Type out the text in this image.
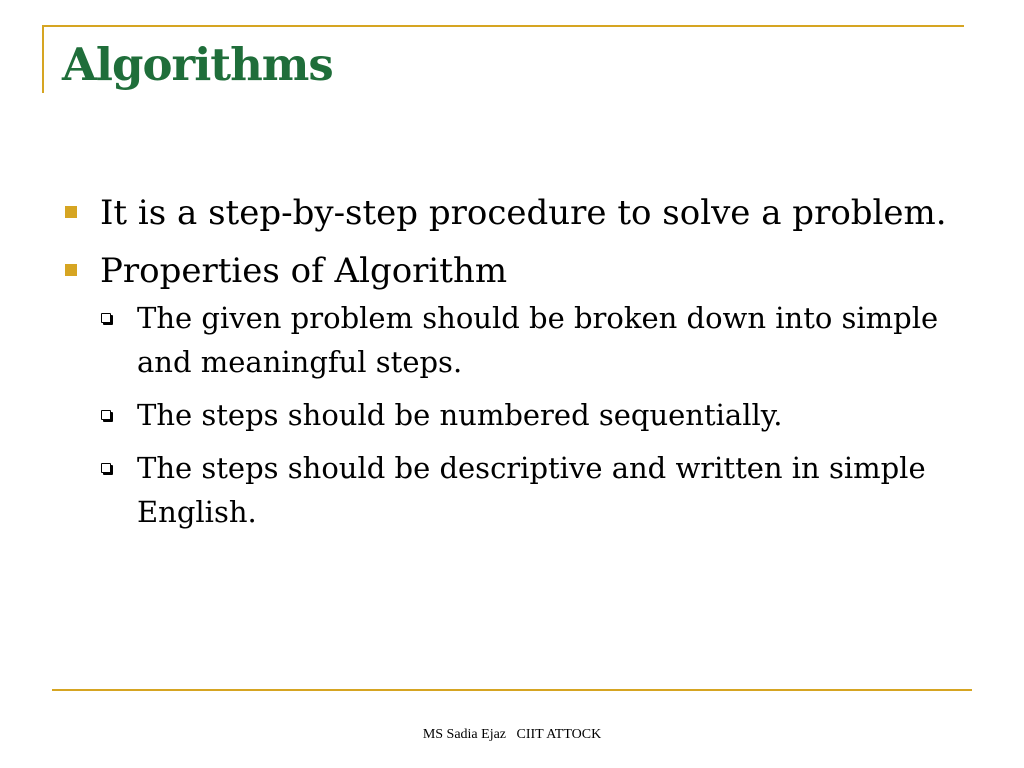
Algorithms
It is a step-by-step procedure to solve a problem.
Properties of Algorithm
The given problem should be broken down into simple and meaningful steps.
The steps should be numbered sequentially.
The steps should be descriptive and written in simple English.
MS Sadia Ejaz   CIIT ATTOCK
